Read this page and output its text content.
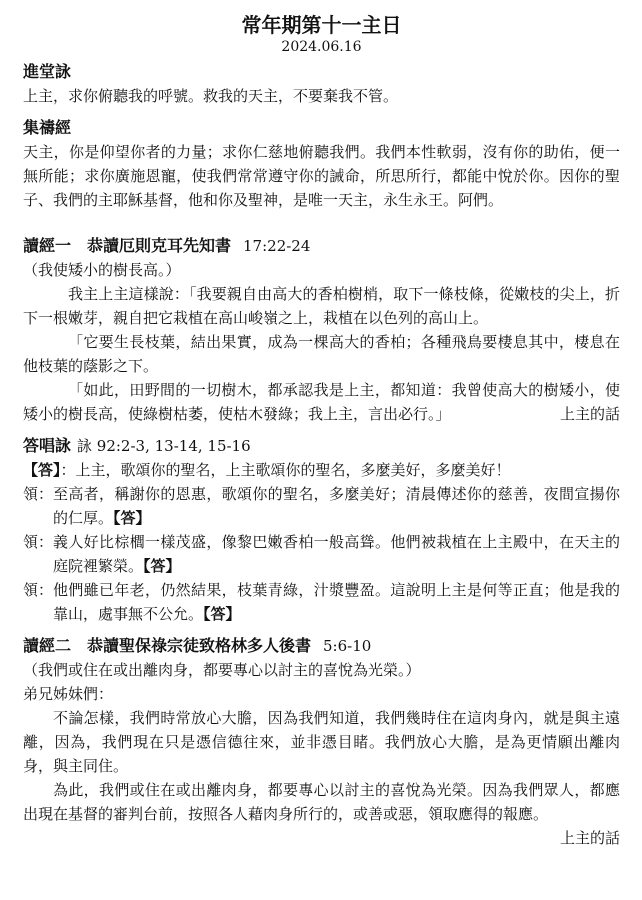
常年期第十一主日
2024.06.16
進堂詠
上主，求你俯聽我的呼號。救我的天主，不要棄我不管。
集禱經
天主，你是仰望你者的力量；求你仁慈地俯聽我們。我們本性軟弱，沒有你的助佑，便一無所能；求你廣施恩寵，使我們常常遵守你的誡命，所思所行，都能中悅於你。因你的聖子、我們的主耶穌基督，他和你及聖神，是唯一天主，永生永王。阿們。
讀經一　恭讀厄則克耳先知書 17:22-24
（我使矮小的樹長高。）
我主上主這樣說：「我要親自由高大的香柏樹梢，取下一條枝條，從嫩枝的尖上，折下一根嫩芽，親自把它栽植在高山峻嶺之上，栽植在以色列的高山上。
「它要生長枝葉，結出果實，成為一棵高大的香柏；各種飛鳥要棲息其中，棲息在他枝葉的蔭影之下。
「如此，田野間的一切樹木，都承認我是上主，都知道：我曾使高大的樹矮小，使矮小的樹長高，使綠樹枯萎，使枯木發綠；我上主，言出必行。」	上主的話
答唱詠 詠 92:2-3, 13-14, 15-16
【答】：上主，歌頌你的聖名，上主歌頌你的聖名，多麼美好，多麼美好！
領： 至高者，稱謝你的恩惠，歌頌你的聖名，多麼美好；清晨傳述你的慈善，夜間宣揚你的仁厚。【答】
領： 義人好比棕櫚一樣茂盛，像黎巴嫩香柏一般高聳。他們被栽植在上主殿中，在天主的庭院裡繁榮。【答】
領： 他們雖已年老，仍然結果，枝葉青綠，汁漿豐盈。這說明上主是何等正直；他是我的靠山，處事無不公允。【答】
讀經二　恭讀聖保祿宗徒致格林多人後書 5:6-10
（我們或住在或出離肉身，都要專心以討主的喜悅為光榮。）
弟兄姊妹們：
不論怎樣，我們時常放心大膽，因為我們知道，我們幾時住在這肉身內，就是與主遠離，因為，我們現在只是憑信德往來，並非憑目睹。我們放心大膽，是為更情願出離肉身，與主同住。
為此，我們或住在或出離肉身，都要專心以討主的喜悅為光榮。因為我們眾人，都應出現在基督的審判台前，按照各人藉肉身所行的，或善或惡，領取應得的報應。
上主的話
